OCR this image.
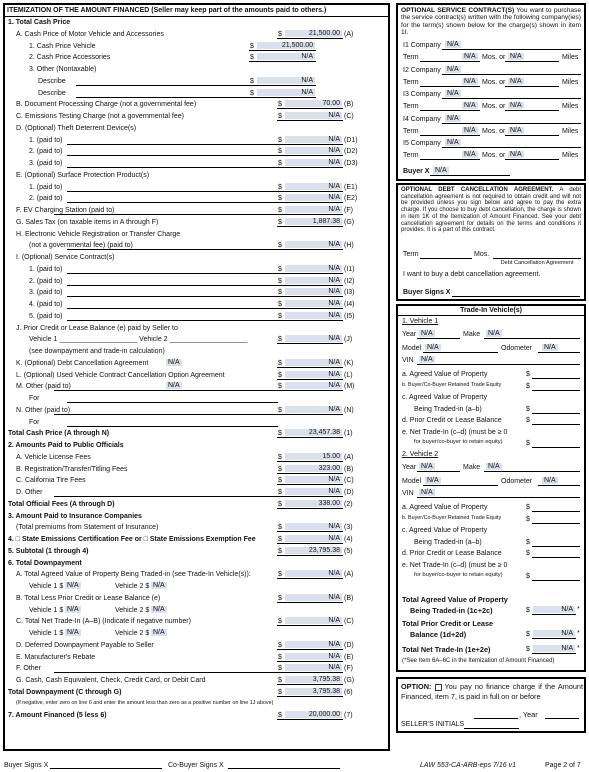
ITEMIZATION OF THE AMOUNT FINANCED (Seller may keep part of the amounts paid to others.)
1. Total Cash Price
A. Cash Price of Motor Vehicle and Accessories	$	21,500.00 (A)
1. Cash Price Vehicle	$	21,500.00
2. Cash Price Accessories	$	N/A
3. Other (Nontaxable)
Describe	$	N/A
Describe	$	N/A
B. Document Processing Charge (not a governmental fee)	$	70.00 (B)
C. Emissions Testing Charge (not a governmental fee)	$	N/A (C)
D. (Optional) Theft Deterrent Device(s)
1. (paid to)	$	N/A (D1)
2. (paid to)	$	N/A (D2)
3. (paid to)	$	N/A (D3)
E. (Optional) Surface Protection Product(s)
1. (paid to)	$	N/A (E1)
2. (paid to)	$	N/A (E2)
F. EV Charging Station (paid to)	$	N/A (F)
G. Sales Tax (on taxable items in A through F)	$	1,887.38 (G)
H. Electronic Vehicle Registration or Transfer Charge
(not a governmental fee) (paid to)	$	N/A (H)
I. (Optional) Service Contract(s)
1. (paid to)	$	N/A (I1)
2. (paid to)	$	N/A (I2)
3. (paid to)	$	N/A (I3)
4. (paid to)	$	N/A (I4)
5. (paid to)	$	N/A (I5)
J. Prior Credit or Lease Balance (e) paid by Seller to
Vehicle 1 ____________________ Vehicle 2 ____________________	$	N/A (J)
(see downpayment and trade-in calculation)
K. (Optional) Debt Cancellation Agreement	N/A	$	N/A (K)
L. (Optional) Used Vehicle Contract Cancellation Option Agreement	$	N/A (L)
M. Other (paid to)	N/A	$	N/A (M)
For
N. Other (paid to)	$	N/A (N)
For
Total Cash Price (A through N)	$	23,457.38 (1)
2. Amounts Paid to Public Officials
A. Vehicle License Fees	$	15.00 (A)
B. Registration/Transfer/Titling Fees	$	323.00 (B)
C. California Tire Fees	$	N/A (C)
D. Other	$	N/A (D)
Total Official Fees (A through D)	$	338.00 (2)
3. Amount Paid to Insurance Companies
(Total premiums from Statement of Insurance)	$	N/A (3)
4. □ State Emissions Certification Fee or □ State Emissions Exemption Fee	$	N/A (4)
5. Subtotal (1 through 4)	$	23,795.38 (5)
6. Total Downpayment
A. Total Agreed Value of Property Being Traded-in (see Trade-In Vehicle(s)):	$	N/A (A)
Vehicle 1 $ N/A	Vehicle 2 $ N/A
B. Total Less Prior Credit or Lease Balance (e)	$	N/A (B)
Vehicle 1 $ N/A	Vehicle 2 $ N/A
C. Total Net Trade-In (A–B) (Indicate if negative number)	$	N/A (C)
Vehicle 1 $ N/A	Vehicle 2 $ N/A
D. Deferred Downpayment Payable to Seller	$	N/A (D)
E. Manufacturer's Rebate	$	N/A (E)
F. Other	$	N/A (F)
G. Cash, Cash Equivalent, Check, Credit Card, or Debit Card	$	3,795.38 (G)
Total Downpayment (C through G)	$	3,795.38 (6)
(If negative, enter zero on line 6 and enter the amount less than zero as a positive number on line 1J above)
7. Amount Financed (5 less 6)	$	20,000.00 (7)
OPTIONAL SERVICE CONTRACT(S) You want to purchase the service contract(s) written with the following company(ies) for the term(s) shown below for the charge(s) shown in item 1I.
I1 Company N/A
Term	N/A Mos. or N/A	Miles
I2 Company N/A
Term	N/A Mos. or N/A	Miles
I3 Company N/A
Term	N/A Mos. or N/A	Miles
I4 Company N/A
Term	N/A Mos. or N/A	Miles
I5 Company N/A
Term	N/A Mos. or N/A	Miles
Buyer X N/A
OPTIONAL DEBT CANCELLATION AGREEMENT. A debt cancellation agreement is not required to obtain credit and will not be provided unless you sign below and agree to pay the extra charge. If you choose to buy debt cancellation, the charge is shown in item 1K of the Itemization of Amount Financed. See your debt cancellation agreement for details on the terms and conditions it provides. It is a part of this contract.
Term	Mos.
Debt Cancellation Agreement
I want to buy a debt cancellation agreement.
Buyer Signs X
Trade-In Vehicle(s)
1. Vehicle 1
Year N/A	Make N/A
Model N/A	Odometer N/A
VIN N/A
a. Agreed Value of Property	$
b. Buyer/Co-Buyer Retained Trade Equity	$
c. Agreed Value of Property
Being Traded-in (a–b)	$
d. Prior Credit or Lease Balance	$
e. Net Trade-In (c–d) (must be ≥ 0
for buyer/co-buyer to retain equity)	$
2. Vehicle 2
Year N/A	Make N/A
Model N/A	Odometer N/A
VIN N/A
a. Agreed Value of Property	$
b. Buyer/Co-Buyer Retained Trade Equity	$
c. Agreed Value of Property
Being Traded-in (a–b)	$
d. Prior Credit or Lease Balance	$
e. Net Trade-In (c–d) (must be ≥ 0
for buyer/co-buyer to retain equity)	$
Total Agreed Value of Property
Being Traded-in (1c+2c)	$	N/A *
Total Prior Credit or Lease
Balance (1d+2d)	$	N/A *
Total Net Trade-In (1e+2e)	$	N/A *
(*See Item 6A–6C in the Itemization of Amount Financed)
OPTION: You pay no finance charge if the Amount Financed, item 7, is paid in full on or before
, Year
SELLER'S INITIALS
Buyer Signs X	Co-Buyer Signs X	LAW 553-CA-ARB-eps 7/16 v1	Page 2 of 7
